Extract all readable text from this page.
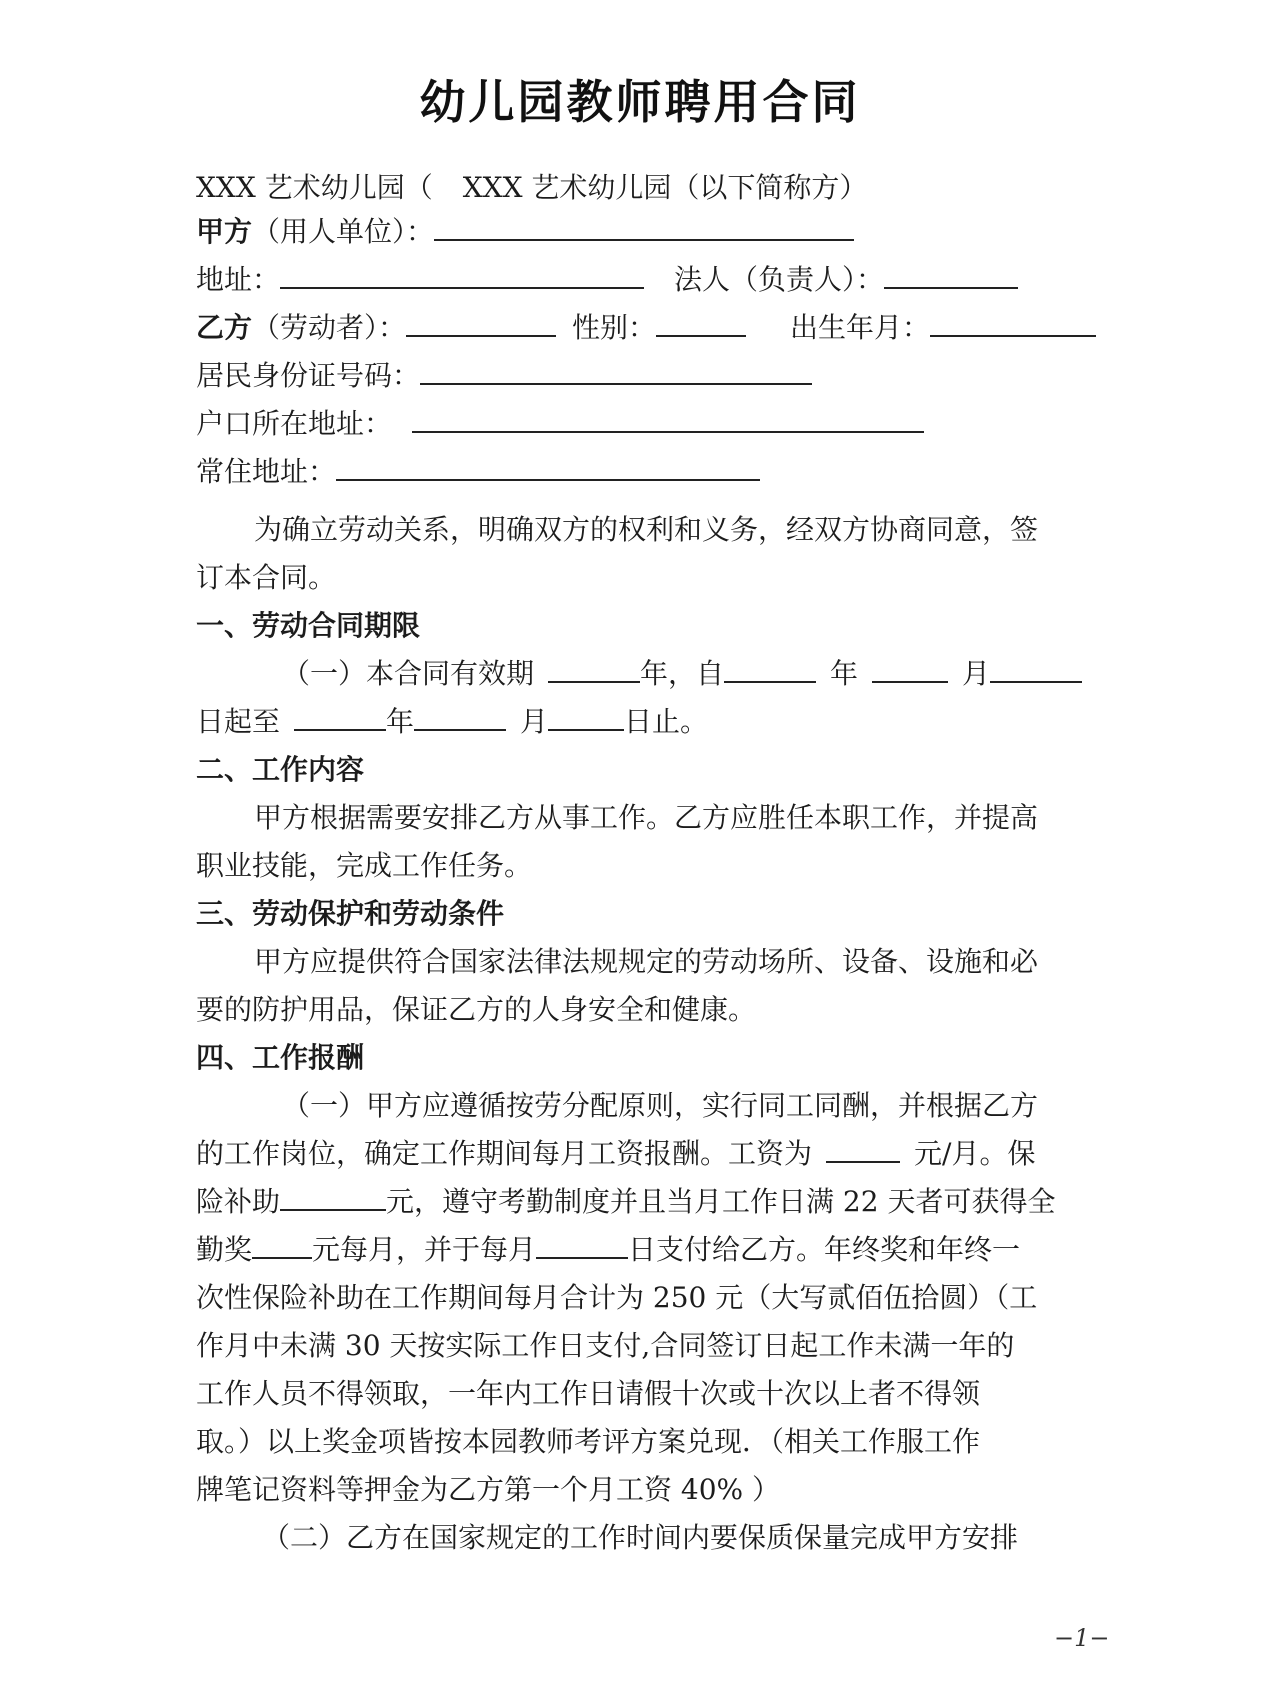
幼儿园教师聘用合同
XXX 艺术幼儿园（ XXX 艺术幼儿园（以下简称方）
甲方（用人单位）：
地址：	法人（负责人）：
乙方（劳动者）：	性别：	出生年月：
居民身份证号码：
户口所在地址：
常住地址：
为确立劳动关系，明确双方的权利和义务，经双方协商同意，签
订本合同。
一、劳动合同期限
（一）本合同有效期	年，自	年	月
日起至	年	月	日止。
二、工作内容
甲方根据需要安排乙方从事工作。乙方应胜任本职工作，并提高
职业技能，完成工作任务。
三、劳动保护和劳动条件
甲方应提供符合国家法律法规规定的劳动场所、设备、设施和必
要的防护用品，保证乙方的人身安全和健康。
四、工作报酬
（一）甲方应遵循按劳分配原则，实行同工同酬，并根据乙方
的工作岗位，确定工作期间每月工资报酬。工资为	元/月。保
险补助	元，遵守考勤制度并且当月工作日满 22 天者可获得全
勤奖 元每月，并于每月	日支付给乙方。年终奖和年终一
次性保险补助在工作期间每月合计为 250 元（大写贰佰伍拾圆）（工
作月中未满 30 天按实际工作日支付,合同签订日起工作未满一年的
工作人员不得领取，一年内工作日请假十次或十次以上者不得领
取。）以上奖金项皆按本园教师考评方案兑现．（相关工作服工作
牌笔记资料等押金为乙方第一个月工资 40% ）
（二）乙方在国家规定的工作时间内要保质保量完成甲方安排
−1−
